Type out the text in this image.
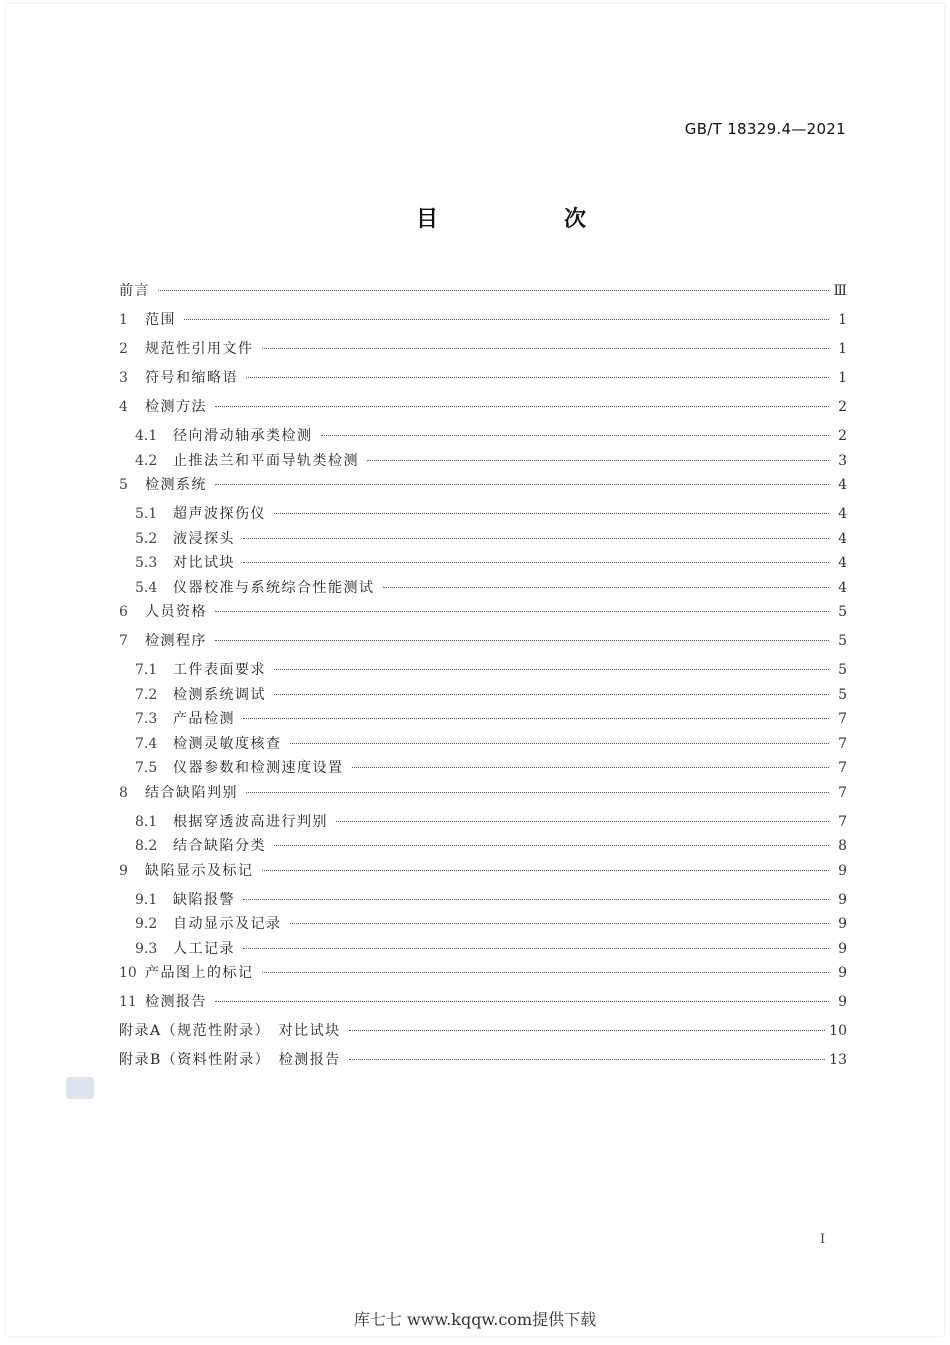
GB/T 18329.4—2021
目　次
前言	Ⅲ
1	范围	1
2	规范性引用文件	1
3	符号和缩略语	1
4	检测方法	2
4.1	径向滑动轴承类检测	2
4.2	止推法兰和平面导轨类检测	3
5	检测系统	4
5.1	超声波探伤仪	4
5.2	液浸探头	4
5.3	对比试块	4
5.4	仪器校准与系统综合性能测试	4
6	人员资格	5
7	检测程序	5
7.1	工件表面要求	5
7.2	检测系统调试	5
7.3	产品检测	7
7.4	检测灵敏度核查	7
7.5	仪器参数和检测速度设置	7
8	结合缺陷判别	7
8.1	根据穿透波高进行判别	7
8.2	结合缺陷分类	8
9	缺陷显示及标记	9
9.1	缺陷报警	9
9.2	自动显示及记录	9
9.3	人工记录	9
10 产品图上的标记	9
11 检测报告	9
附录A（规范性附录）　对比试块	10
附录B（资料性附录）　检测报告	13
I
库七七 www.kqqw.com提供下载
